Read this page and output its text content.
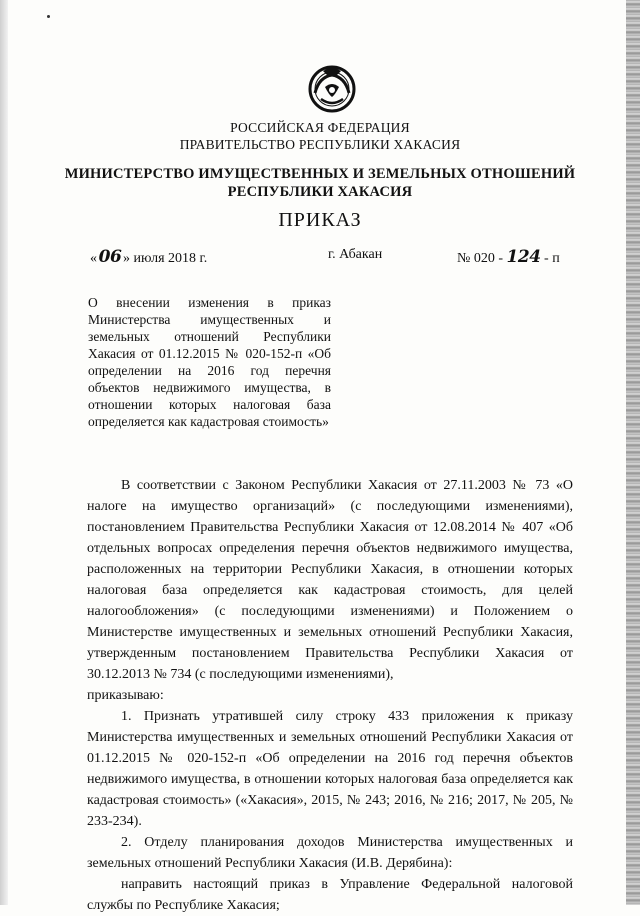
РОССИЙСКАЯ ФЕДЕРАЦИЯ
ПРАВИТЕЛЬСТВО РЕСПУБЛИКИ ХАКАСИЯ
МИНИСТЕРСТВО ИМУЩЕСТВЕННЫХ И ЗЕМЕЛЬНЫХ ОТНОШЕНИЙ
РЕСПУБЛИКИ ХАКАСИЯ
ПРИКАЗ
«06 » июля 2018 г.	г. Абакан	№ 020 - 124 - п
О внесении изменения в приказ Министерства имущественных и земельных отношений Республики Хакасия от 01.12.2015 № 020-152-п «Об определении на 2016 год перечня объектов недвижимого имущества, в отношении которых налоговая база определяется как кадастровая стоимость»

В соответствии с Законом Республики Хакасия от 27.11.2003 № 73 «О налоге на имущество организаций» (с последующими изменениями), постановлением Правительства Республики Хакасия от 12.08.2014 № 407 «Об отдельных вопросах определения перечня объектов недвижимого имущества, расположенных на территории Республики Хакасия, в отношении которых налоговая база определяется как кадастровая стоимость, для целей налогообложения» (с последующими изменениями) и Положением о Министерстве имущественных и земельных отношений Республики Хакасия, утвержденным постановлением Правительства Республики Хакасия от 30.12.2013 № 734 (с последующими изменениями),

приказываю:

1. Признать утратившей силу строку 433 приложения к приказу Министерства имущественных и земельных отношений Республики Хакасия от 01.12.2015 № 020-152-п «Об определении на 2016 год перечня объектов недвижимого имущества, в отношении которых налоговая база определяется как кадастровая стоимость» («Хакасия», 2015, № 243; 2016, № 216; 2017, № 205, № 233-234).

2. Отделу планирования доходов Министерства имущественных и земельных отношений Республики Хакасия (И.В. Дерябина):

направить настоящий приказ в Управление Федеральной налоговой службы по Республике Хакасия;
